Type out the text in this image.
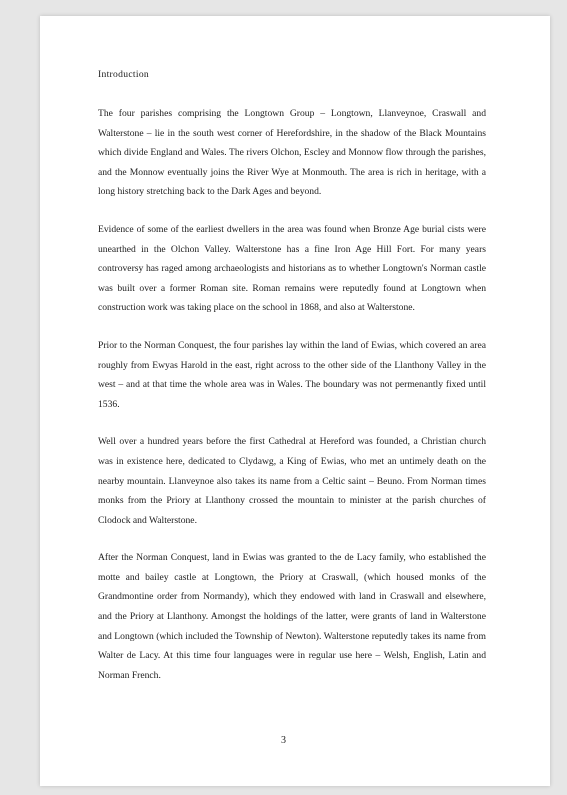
Introduction

The four parishes comprising the Longtown Group – Longtown, Llanveynoe, Craswall and Walterstone – lie in the south west corner of Herefordshire, in the shadow of the Black Mountains which divide England and Wales. The rivers Olchon, Escley and Monnow flow through the parishes, and the Monnow eventually joins the River Wye at Monmouth. The area is rich in heritage, with a long history stretching back to the Dark Ages and beyond.

Evidence of some of the earliest dwellers in the area was found when Bronze Age burial cists were unearthed in the Olchon Valley. Walterstone has a fine Iron Age Hill Fort. For many years controversy has raged among archaeologists and historians as to whether Longtown's Norman castle was built over a former Roman site. Roman remains were reputedly found at Longtown when construction work was taking place on the school in 1868, and also at Walterstone.

Prior to the Norman Conquest, the four parishes lay within the land of Ewias, which covered an area roughly from Ewyas Harold in the east, right across to the other side of the Llanthony Valley in the west – and at that time the whole area was in Wales. The boundary was not permenantly fixed until 1536.

Well over a hundred years before the first Cathedral at Hereford was founded, a Christian church was in existence here, dedicated to Clydawg, a King of Ewias, who met an untimely death on the nearby mountain. Llanveynoe also takes its name from a Celtic saint – Beuno. From Norman times monks from the Priory at Llanthony crossed the mountain to minister at the parish churches of Clodock and Walterstone.

After the Norman Conquest, land in Ewias was granted to the de Lacy family, who established the motte and bailey castle at Longtown, the Priory at Craswall, (which housed monks of the Grandmontine order from Normandy), which they endowed with land in Craswall and elsewhere, and the Priory at Llanthony. Amongst the holdings of the latter, were grants of land in Walterstone and Longtown (which included the Township of Newton). Walterstone reputedly takes its name from Walter de Lacy. At this time four languages were in regular use here – Welsh, English, Latin and Norman French.

3
